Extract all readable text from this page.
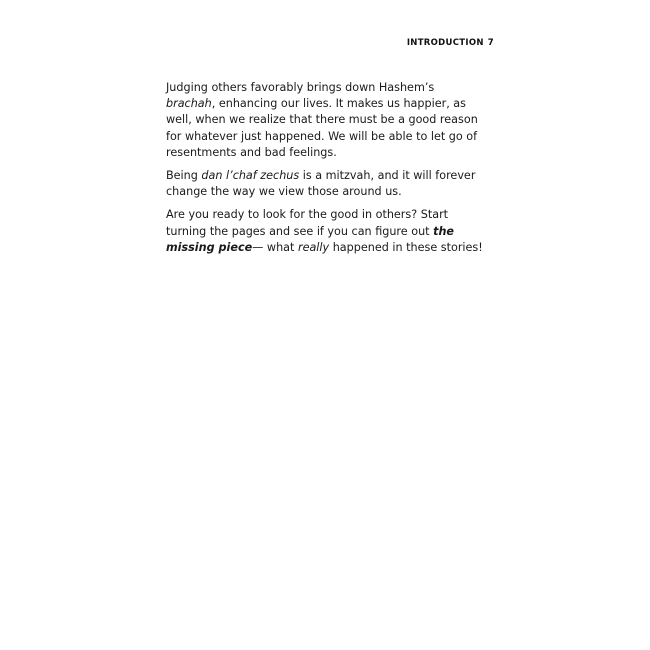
INTRODUCTION 7

Judging others favorably brings down Hashem’s brachah, enhancing our lives. It makes us happier, as well, when we realize that there must be a good reason for whatever just happened. We will be able to let go of resentments and bad feelings.

Being dan l’chaf zechus is a mitzvah, and it will forever change the way we view those around us.

Are you ready to look for the good in others? Start turning the pages and see if you can figure out the missing piece— what really happened in these stories!
